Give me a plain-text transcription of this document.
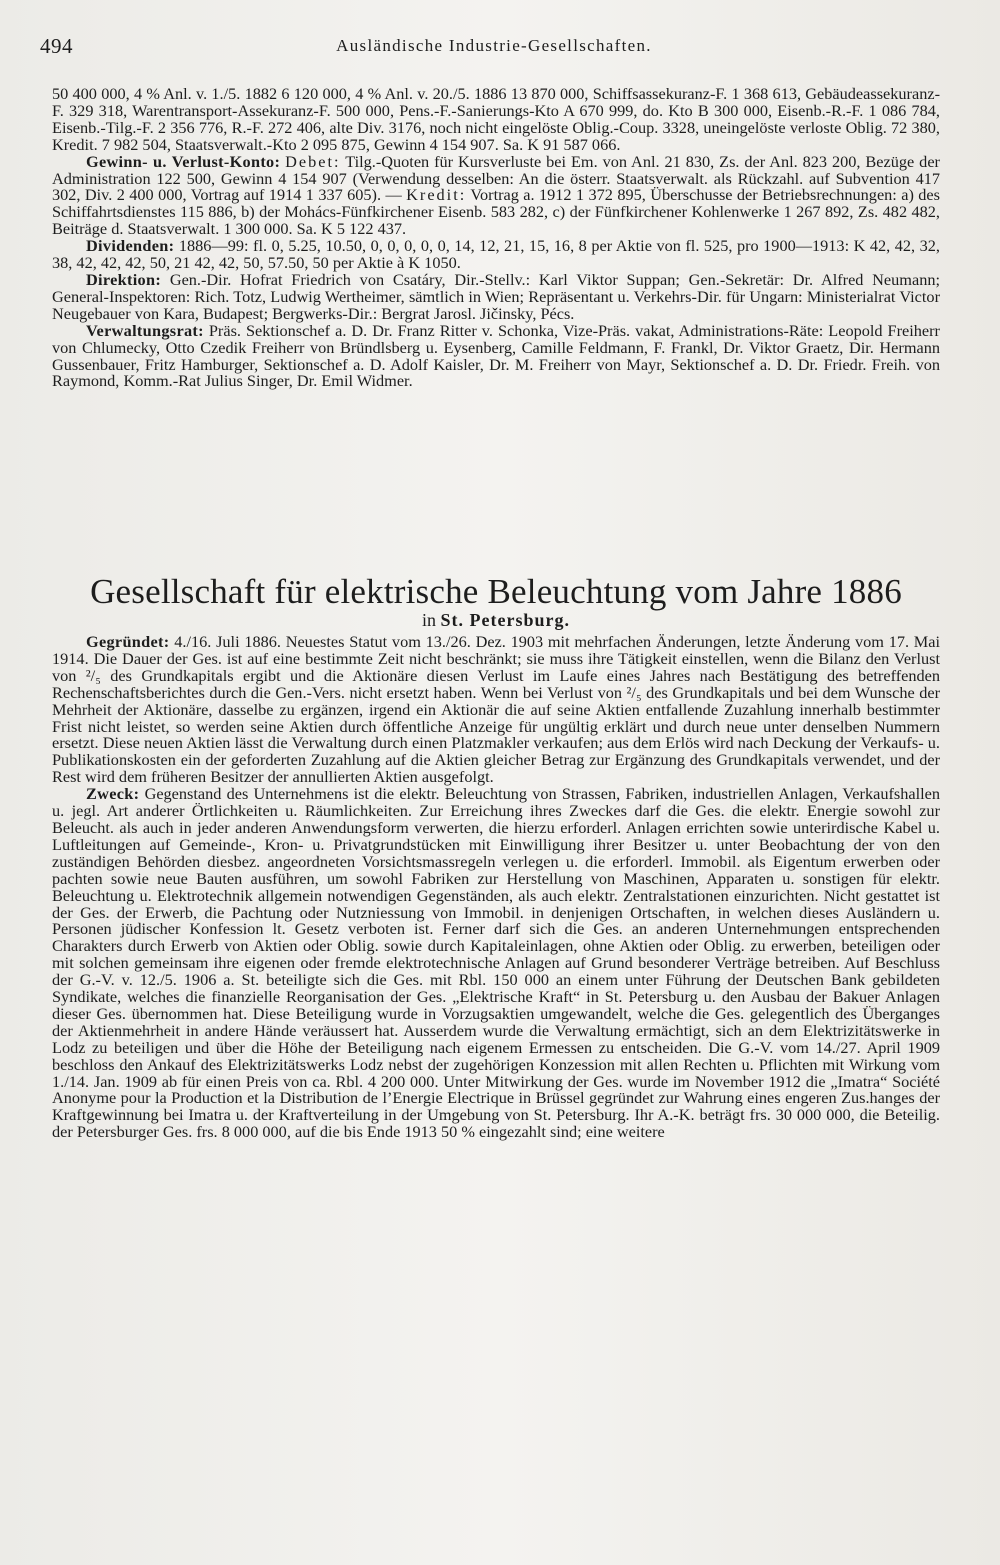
494	Ausländische Industrie-Gesellschaften.

50 400 000, 4 % Anl. v. 1./5. 1882 6 120 000, 4 % Anl. v. 20./5. 1886 13 870 000, Schiffsassekuranz-F. 1 368 613, Gebäudeassekuranz-F. 329 318, Warentransport-Assekuranz-F. 500 000, Pens.-F.-Sanierungs-Kto A 670 999, do. Kto B 300 000, Eisenb.-R.-F. 1 086 784, Eisenb.-Tilg.-F. 2 356 776, R.-F. 272 406, alte Div. 3176, noch nicht eingelöste Oblig.-Coup. 3328, uneingelöste verloste Oblig. 72 380, Kredit. 7 982 504, Staatsverwalt.-Kto 2 095 875, Gewinn 4 154 907. Sa. K 91 587 066.

Gewinn- u. Verlust-Konto: Debet: Tilg.-Quoten für Kursverluste bei Em. von Anl. 21 830, Zs. der Anl. 823 200, Bezüge der Administration 122 500, Gewinn 4 154 907 (Verwendung desselben: An die österr. Staatsverwalt. als Rückzahl. auf Subvention 417 302, Div. 2 400 000, Vortrag auf 1914 1 337 605). — Kredit: Vortrag a. 1912 1 372 895, Überschusse der Betriebsrechnungen: a) des Schiffahrtsdienstes 115 886, b) der Mohács-Fünfkirchener Eisenb. 583 282, c) der Fünfkirchener Kohlenwerke 1 267 892, Zs. 482 482, Beiträge d. Staatsverwalt. 1 300 000. Sa. K 5 122 437.

Dividenden: 1886—99: fl. 0, 5.25, 10.50, 0, 0, 0, 0, 0, 14, 12, 21, 15, 16, 8 per Aktie von fl. 525, pro 1900—1913: K 42, 42, 32, 38, 42, 42, 42, 50, 21 42, 42, 50, 57.50, 50 per Aktie à K 1050.

Direktion: Gen.-Dir. Hofrat Friedrich von Csatáry, Dir.-Stellv.: Karl Viktor Suppan; Gen.-Sekretär: Dr. Alfred Neumann; General-Inspektoren: Rich. Totz, Ludwig Wertheimer, sämtlich in Wien; Repräsentant u. Verkehrs-Dir. für Ungarn: Ministerialrat Victor Neugebauer von Kara, Budapest; Bergwerks-Dir.: Bergrat Jarosl. Jičinsky, Pécs.

Verwaltungsrat: Präs. Sektionschef a. D. Dr. Franz Ritter v. Schonka, Vize-Präs. vakat, Administrations-Räte: Leopold Freiherr von Chlumecky, Otto Czedik Freiherr von Bründlsberg u. Eysenberg, Camille Feldmann, F. Frankl, Dr. Viktor Graetz, Dir. Hermann Gussenbauer, Fritz Hamburger, Sektionschef a. D. Adolf Kaisler, Dr. M. Freiherr von Mayr, Sektionschef a. D. Dr. Friedr. Freih. von Raymond, Komm.-Rat Julius Singer, Dr. Emil Widmer.

Gesellschaft für elektrische Beleuchtung vom Jahre 1886
in St. Petersburg.

Gegründet: 4./16. Juli 1886. Neuestes Statut vom 13./26. Dez. 1903 mit mehrfachen Änderungen, letzte Änderung vom 17. Mai 1914. Die Dauer der Ges. ist auf eine bestimmte Zeit nicht beschränkt; sie muss ihre Tätigkeit einstellen, wenn die Bilanz den Verlust von ²/₅ des Grundkapitals ergibt und die Aktionäre diesen Verlust im Laufe eines Jahres nach Bestätigung des betreffenden Rechenschaftsberichtes durch die Gen.-Vers. nicht ersetzt haben. Wenn bei Verlust von ²/₅ des Grundkapitals und bei dem Wunsche der Mehrheit der Aktionäre, dasselbe zu ergänzen, irgend ein Aktionär die auf seine Aktien entfallende Zuzahlung innerhalb bestimmter Frist nicht leistet, so werden seine Aktien durch öffentliche Anzeige für ungültig erklärt und durch neue unter denselben Nummern ersetzt. Diese neuen Aktien lässt die Verwaltung durch einen Platzmakler verkaufen; aus dem Erlös wird nach Deckung der Verkaufs- u. Publikationskosten ein der geforderten Zuzahlung auf die Aktien gleicher Betrag zur Ergänzung des Grundkapitals verwendet, und der Rest wird dem früheren Besitzer der annullierten Aktien ausgefolgt.

Zweck: Gegenstand des Unternehmens ist die elektr. Beleuchtung von Strassen, Fabriken, industriellen Anlagen, Verkaufshallen u. jegl. Art anderer Örtlichkeiten u. Räumlichkeiten. Zur Erreichung ihres Zweckes darf die Ges. die elektr. Energie sowohl zur Beleucht. als auch in jeder anderen Anwendungsform verwerten, die hierzu erforderl. Anlagen errichten sowie unterirdische Kabel u. Luftleitungen auf Gemeinde-, Kron- u. Privatgrundstücken mit Einwilligung ihrer Besitzer u. unter Beobachtung der von den zuständigen Behörden diesbez. angeordneten Vorsichtsmassregeln verlegen u. die erforderl. Immobil. als Eigentum erwerben oder pachten sowie neue Bauten ausführen, um sowohl Fabriken zur Herstellung von Maschinen, Apparaten u. sonstigen für elektr. Beleuchtung u. Elektrotechnik allgemein notwendigen Gegenständen, als auch elektr. Zentralstationen einzurichten. Nicht gestattet ist der Ges. der Erwerb, die Pachtung oder Nutzniessung von Immobil. in denjenigen Ortschaften, in welchen dieses Ausländern u. Personen jüdischer Konfession lt. Gesetz verboten ist. Ferner darf sich die Ges. an anderen Unternehmungen entsprechenden Charakters durch Erwerb von Aktien oder Oblig. sowie durch Kapitaleinlagen, ohne Aktien oder Oblig. zu erwerben, beteiligen oder mit solchen gemeinsam ihre eigenen oder fremde elektrotechnische Anlagen auf Grund besonderer Verträge betreiben. Auf Beschluss der G.-V. v. 12./5. 1906 a. St. beteiligte sich die Ges. mit Rbl. 150 000 an einem unter Führung der Deutschen Bank gebildeten Syndikate, welches die finanzielle Reorganisation der Ges. „Elektrische Kraft“ in St. Petersburg u. den Ausbau der Bakuer Anlagen dieser Ges. übernommen hat. Diese Beteiligung wurde in Vorzugsaktien umgewandelt, welche die Ges. gelegentlich des Überganges der Aktienmehrheit in andere Hände veräussert hat. Ausserdem wurde die Verwaltung ermächtigt, sich an dem Elektrizitätswerke in Lodz zu beteiligen und über die Höhe der Beteiligung nach eigenem Ermessen zu entscheiden. Die G.-V. vom 14./27. April 1909 beschloss den Ankauf des Elektrizitätswerks Lodz nebst der zugehörigen Konzession mit allen Rechten u. Pflichten mit Wirkung vom 1./14. Jan. 1909 ab für einen Preis von ca. Rbl. 4 200 000. Unter Mitwirkung der Ges. wurde im November 1912 die „Imatra“ Société Anonyme pour la Production et la Distribution de l’Energie Electrique in Brüssel gegründet zur Wahrung eines engeren Zus.hanges der Kraftgewinnung bei Imatra u. der Kraftverteilung in der Umgebung von St. Petersburg. Ihr A.-K. beträgt frs. 30 000 000, die Beteilig. der Petersburger Ges. frs. 8 000 000, auf die bis Ende 1913 50 % eingezahlt sind; eine weitere
